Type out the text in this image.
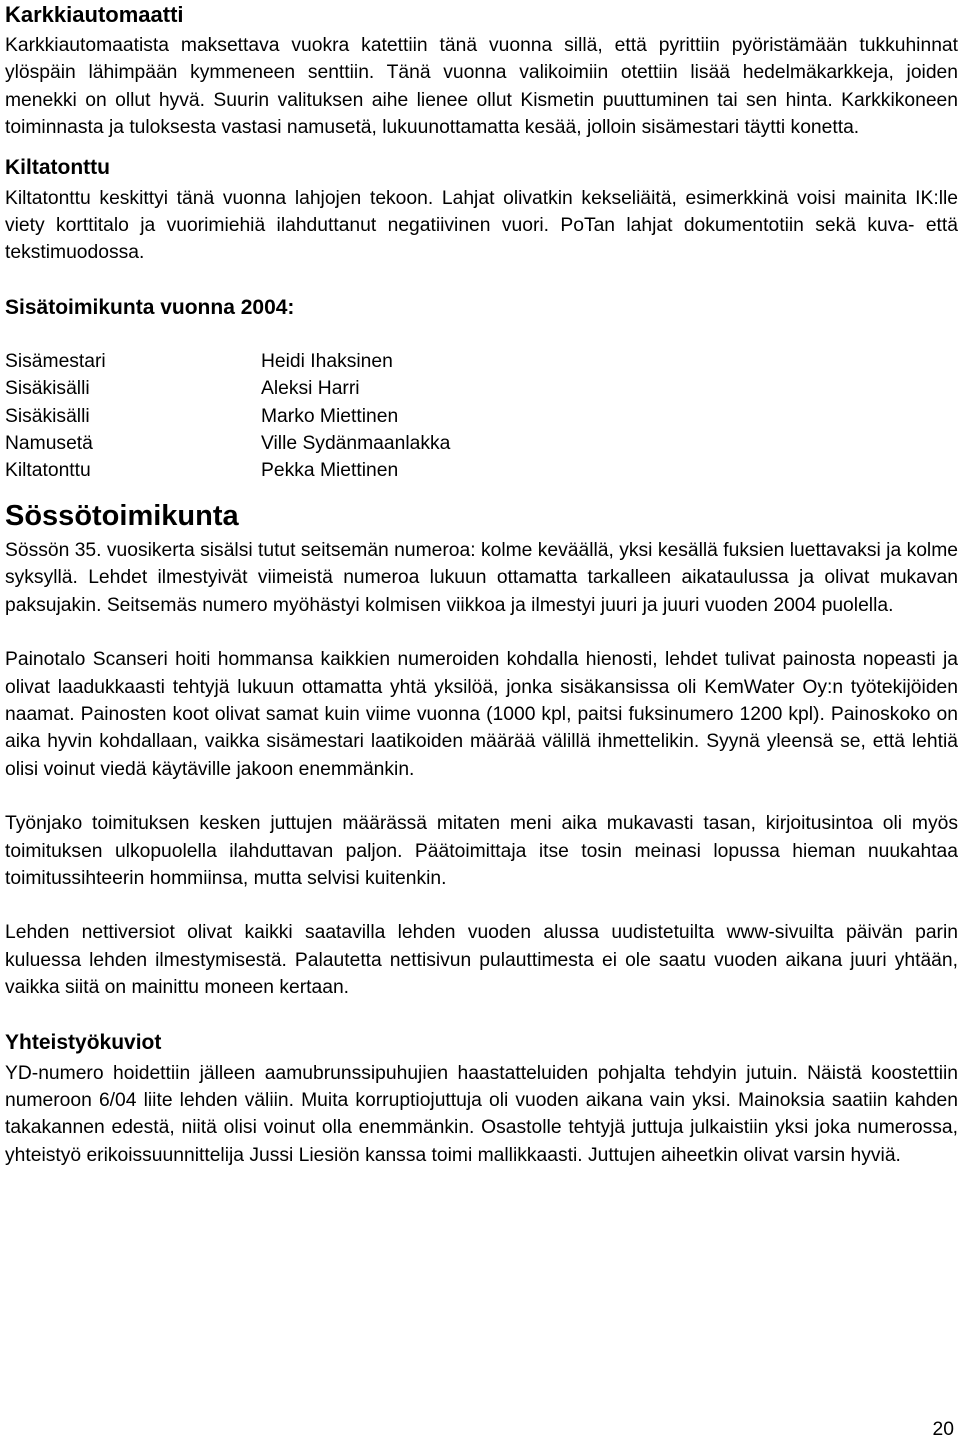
Karkkiautomaatti

Karkkiautomaatista maksettava vuokra katettiin tänä vuonna sillä, että pyrittiin pyöristämään tukkuhinnat ylöspäin lähimpään kymmeneen senttiin. Tänä vuonna valikoimiin otettiin lisää hedelmäkarkkeja, joiden menekki on ollut hyvä. Suurin valituksen aihe lienee ollut Kismetin puuttuminen tai sen hinta. Karkkikoneen toiminnasta ja tuloksesta vastasi namusetä, lukuunottamatta kesää, jolloin sisämestari täytti konetta.

Kiltatonttu

Kiltatonttu keskittyi tänä vuonna lahjojen tekoon. Lahjat olivatkin kekseliäitä, esimerkkinä voisi mainita IK:lle viety korttitalo ja vuorimiehiä ilahduttanut negatiivinen vuori. PoTan lahjat dokumentotiin sekä kuva- että tekstimuodossa.

Sisätoimikunta vuonna 2004:
Sisämestari	Heidi Ihaksinen
Sisäkisälli	Aleksi Harri
Sisäkisälli	Marko Miettinen
Namusetä	Ville Sydänmaanlakka
Kiltatonttu	Pekka Miettinen
Sössötoimikunta

Sössön 35. vuosikerta sisälsi tutut seitsemän numeroa: kolme keväällä, yksi kesällä fuksien luettavaksi ja kolme syksyllä. Lehdet ilmestyivät viimeistä numeroa lukuun ottamatta tarkalleen aikataulussa ja olivat mukavan paksujakin. Seitsemäs numero myöhästyi kolmisen viikkoa ja ilmestyi juuri ja juuri vuoden 2004 puolella.

Painotalo Scanseri hoiti hommansa kaikkien numeroiden kohdalla hienosti, lehdet tulivat painosta nopeasti ja olivat laadukkaasti tehtyjä lukuun ottamatta yhtä yksilöä, jonka sisäkansissa oli KemWater Oy:n työtekijöiden naamat. Painosten koot olivat samat kuin viime vuonna (1000 kpl, paitsi fuksinumero 1200 kpl). Painoskoko on aika hyvin kohdallaan, vaikka sisämestari laatikoiden määrää välillä ihmettelikin. Syynä yleensä se, että lehtiä olisi voinut viedä käytäville jakoon enemmänkin.

Työnjako toimituksen kesken juttujen määrässä mitaten meni aika mukavasti tasan, kirjoitusintoa oli myös toimituksen ulkopuolella ilahduttavan paljon. Päätoimittaja itse tosin meinasi lopussa hieman nuukahtaa toimitussihteerin hommiinsa, mutta selvisi kuitenkin.

Lehden nettiversiot olivat kaikki saatavilla lehden vuoden alussa uudistetuilta www-sivuilta päivän parin kuluessa lehden ilmestymisestä. Palautetta nettisivun pulauttimesta ei ole saatu vuoden aikana juuri yhtään, vaikka siitä on mainittu moneen kertaan.

Yhteistyökuviot

YD-numero hoidettiin jälleen aamubrunssipuhujien haastatteluiden pohjalta tehdyin jutuin. Näistä koostettiin numeroon 6/04 liite lehden väliin. Muita korruptiojuttuja oli vuoden aikana vain yksi. Mainoksia saatiin kahden takakannen edestä, niitä olisi voinut olla enemmänkin. Osastolle tehtyjä juttuja julkaistiin yksi joka numerossa, yhteistyö erikoissuunnittelija Jussi Liesiön kanssa toimi mallikkaasti. Juttujen aiheetkin olivat varsin hyviä.

20
